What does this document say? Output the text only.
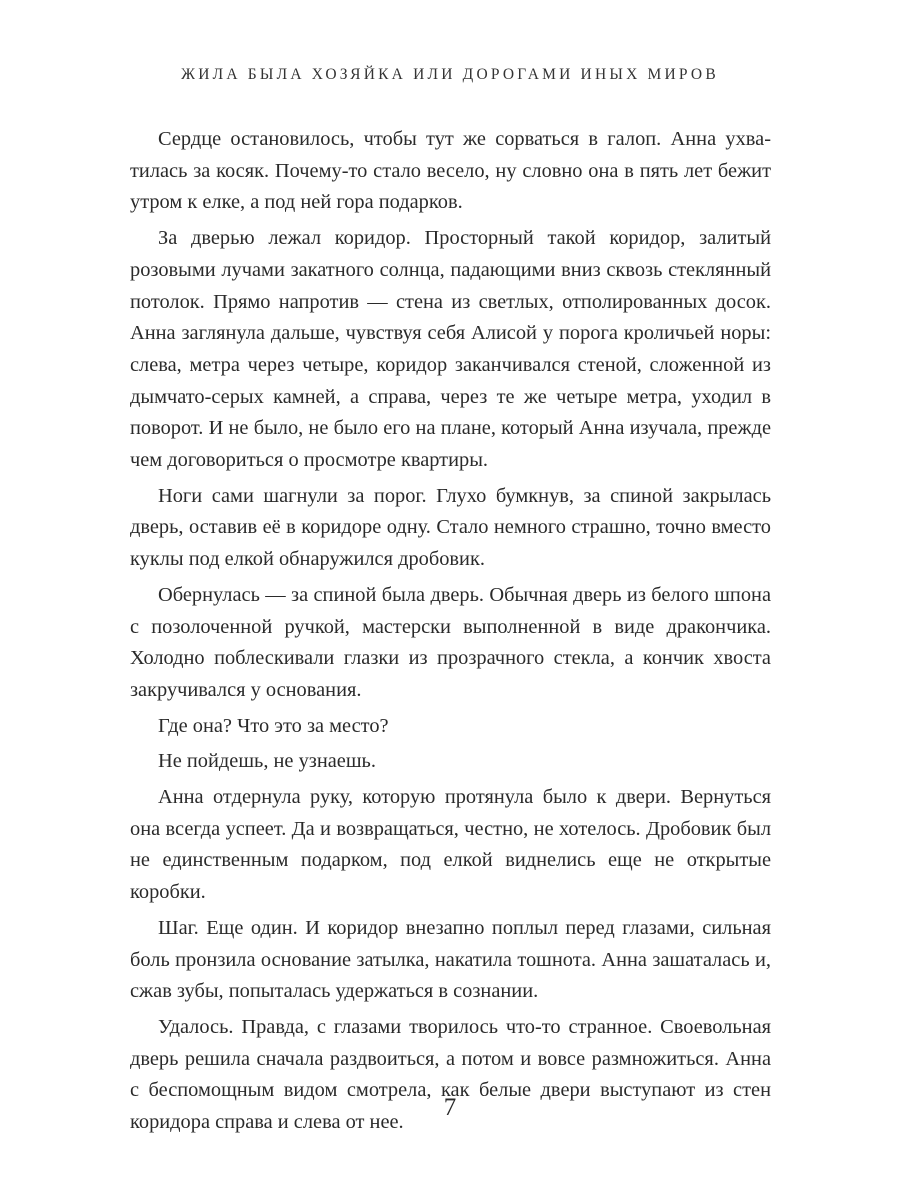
ЖИЛА БЫЛА ХОЗЯЙКА ИЛИ ДОРОГАМИ ИНЫХ МИРОВ

Сердце остановилось, чтобы тут же сорваться в галоп. Анна ухватилась за косяк. Почему-то стало весело, ну словно она в пять лет бежит утром к елке, а под ней гора подарков.

За дверью лежал коридор. Просторный такой коридор, залитый розовыми лучами закатного солнца, падающими вниз сквозь стеклянный потолок. Прямо напротив — стена из светлых, отполированных досок. Анна заглянула дальше, чувствуя себя Алисой у порога кроличьей норы: слева, метра через четыре, коридор заканчивался стеной, сложенной из дымчато-серых камней, а справа, через те же четыре метра, уходил в поворот. И не было, не было его на плане, который Анна изучала, прежде чем договориться о просмотре квартиры.

Ноги сами шагнули за порог. Глухо бумкнув, за спиной закрылась дверь, оставив её в коридоре одну. Стало немного страшно, точно вместо куклы под елкой обнаружился дробовик.

Обернулась — за спиной была дверь. Обычная дверь из белого шпона с позолоченной ручкой, мастерски выполненной в виде дракончика. Холодно поблескивали глазки из прозрачного стекла, а кончик хвоста закручивался у основания.

Где она? Что это за место?

Не пойдешь, не узнаешь.

Анна отдернула руку, которую протянула было к двери. Вернуться она всегда успеет. Да и возвращаться, честно, не хотелось. Дробовик был не единственным подарком, под елкой виднелись еще не открытые коробки.

Шаг. Еще один. И коридор внезапно поплыл перед глазами, сильная боль пронзила основание затылка, накатила тошнота. Анна зашаталась и, сжав зубы, попыталась удержаться в сознании.

Удалось. Правда, с глазами творилось что-то странное. Своевольная дверь решила сначала раздвоиться, а потом и вовсе размножиться. Анна с беспомощным видом смотрела, как белые двери выступают из стен коридора справа и слева от нее.

7
